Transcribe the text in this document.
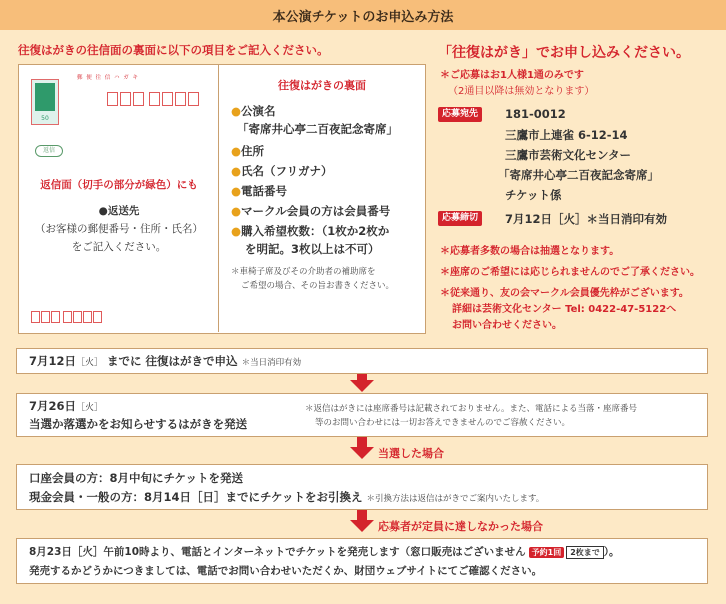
本公演チケットのお申込み方法
往復はがきの往信面の裏面に以下の項目をご記入ください。
郵 便 往 信 ハ ガ キ
50
返信
返信面（切手の部分が緑色）にも
●返送先
（お客様の郵便番号・住所・氏名）
をご記入ください。
往復はがきの裏面
●公演名
「寄席井心亭二百夜記念寄席」
●住所
●氏名（フリガナ）
●電話番号
●マークル会員の方は会員番号
●購入希望枚数：（1枚か2枚か
を明記。3枚以上は不可）
＊車椅子席及びその介助者の補助席を
ご希望の場合、その旨お書きください。
「往復はがき」でお申し込みください。
＊ご応募はお1人様1通のみです
（2通目以降は無効となります）
応募宛先	181-0012
三鷹市上連雀 6-12-14
三鷹市芸術文化センター
「寄席井心亭二百夜記念寄席」
チケット係
応募締切	7月12日［火］＊当日消印有効
＊応募者多数の場合は抽選となります。
＊座席のご希望には応じられませんのでご了承ください。
＊従来通り、友の会マークル会員優先枠がございます。
詳細は芸術文化センター Tel: 0422-47-5122へ
お問い合わせください。
7月12日［火］ までに 往復はがきで申込 ＊当日消印有効
7月26日［火］
当選か落選かをお知らせするはがきを発送
＊返信はがきには座席番号は記載されておりません。また、電話による当落・座席番号
等のお問い合わせには一切お答えできませんのでご容赦ください。
当選した場合
口座会員の方：8月中旬にチケットを発送
現金会員・一般の方：8月14日［日］までにチケットをお引換え ＊引換方法は返信はがきでご案内いたします。
応募者が定員に達しなかった場合
8月23日［火］午前10時より、電話とインターネットでチケットを発売します（窓口販売はございません 予約1回 2枚まで ）。
発売するかどうかにつきましては、電話でお問い合わせいただくか、財団ウェブサイトにてご確認ください。
